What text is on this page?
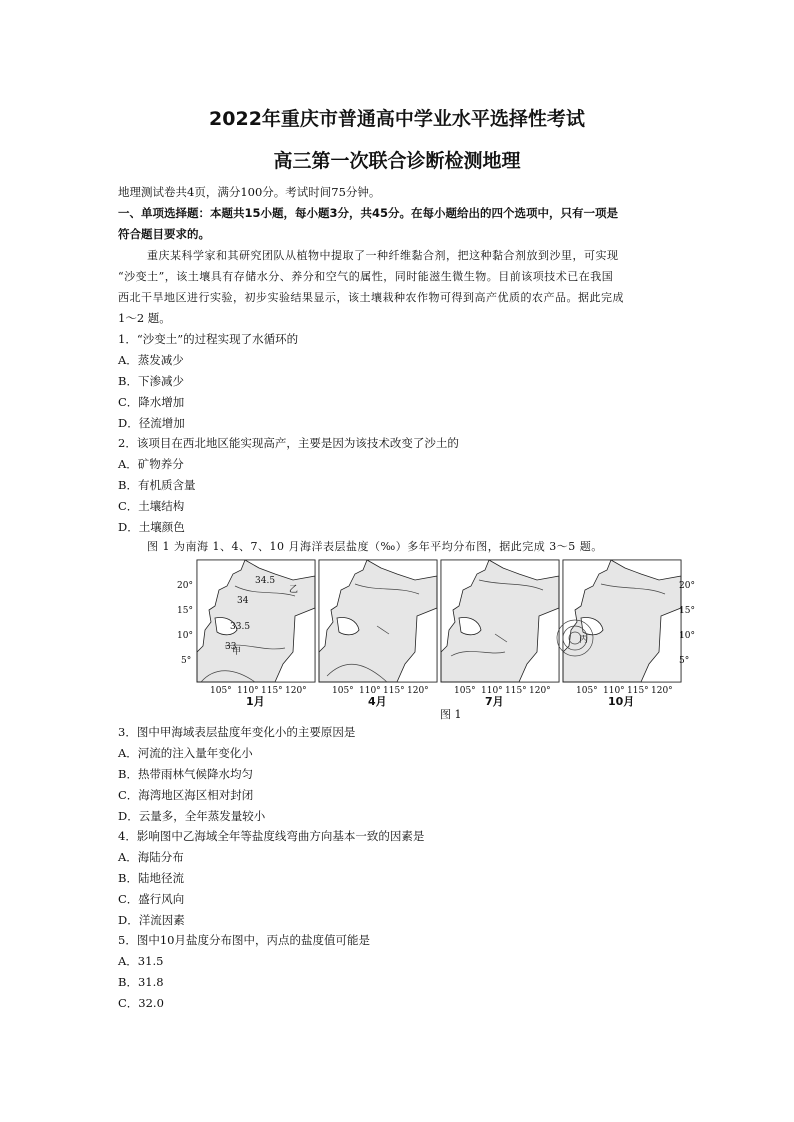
2022年重庆市普通高中学业水平选择性考试
高三第一次联合诊断检测地理
地理测试卷共4页，满分100分。考试时间75分钟。
一、单项选择题：本题共15小题，每小题3分，共45分。在每小题给出的四个选项中，只有一项是
符合题目要求的。
重庆某科学家和其研究团队从植物中提取了一种纤维黏合剂，把这种黏合剂放到沙里，可实现
“沙变土”，该土壤具有存储水分、养分和空气的属性，同时能滋生微生物。目前该项技术已在我国
西北干旱地区进行实验，初步实验结果显示，该土壤栽种农作物可得到高产优质的农产品。据此完成
1～2 题。
1．“沙变土”的过程实现了水循环的
A．蒸发减少
B．下渗减少
C．降水增加
D．径流增加
2．该项目在西北地区能实现高产，主要是因为该技术改变了沙土的
A．矿物养分
B．有机质含量
C．土壤结构
D．土壤颜色
图 1 为南海 1、4、7、10 月海洋表层盐度（‰）多年平均分布图，据此完成 3～5 题。
20°
15°
10°
5°
20°
15°
10°
5°
105° 110° 115° 120°	105° 110° 115° 120°	105° 110° 115° 120°	105° 110° 115° 120°
34.5
34
33.5
33
甲
乙
丙
1月	4月	7月	10月
图 1
3．图中甲海域表层盐度年变化小的主要原因是
A．河流的注入量年变化小
B．热带雨林气候降水均匀
C．海湾地区海区相对封闭
D．云量多，全年蒸发量较小
4．影响图中乙海域全年等盐度线弯曲方向基本一致的因素是
A．海陆分布
B．陆地径流
C．盛行风向
D．洋流因素
5．图中10月盐度分布图中，丙点的盐度值可能是
A．31.5
B．31.8
C．32.0
